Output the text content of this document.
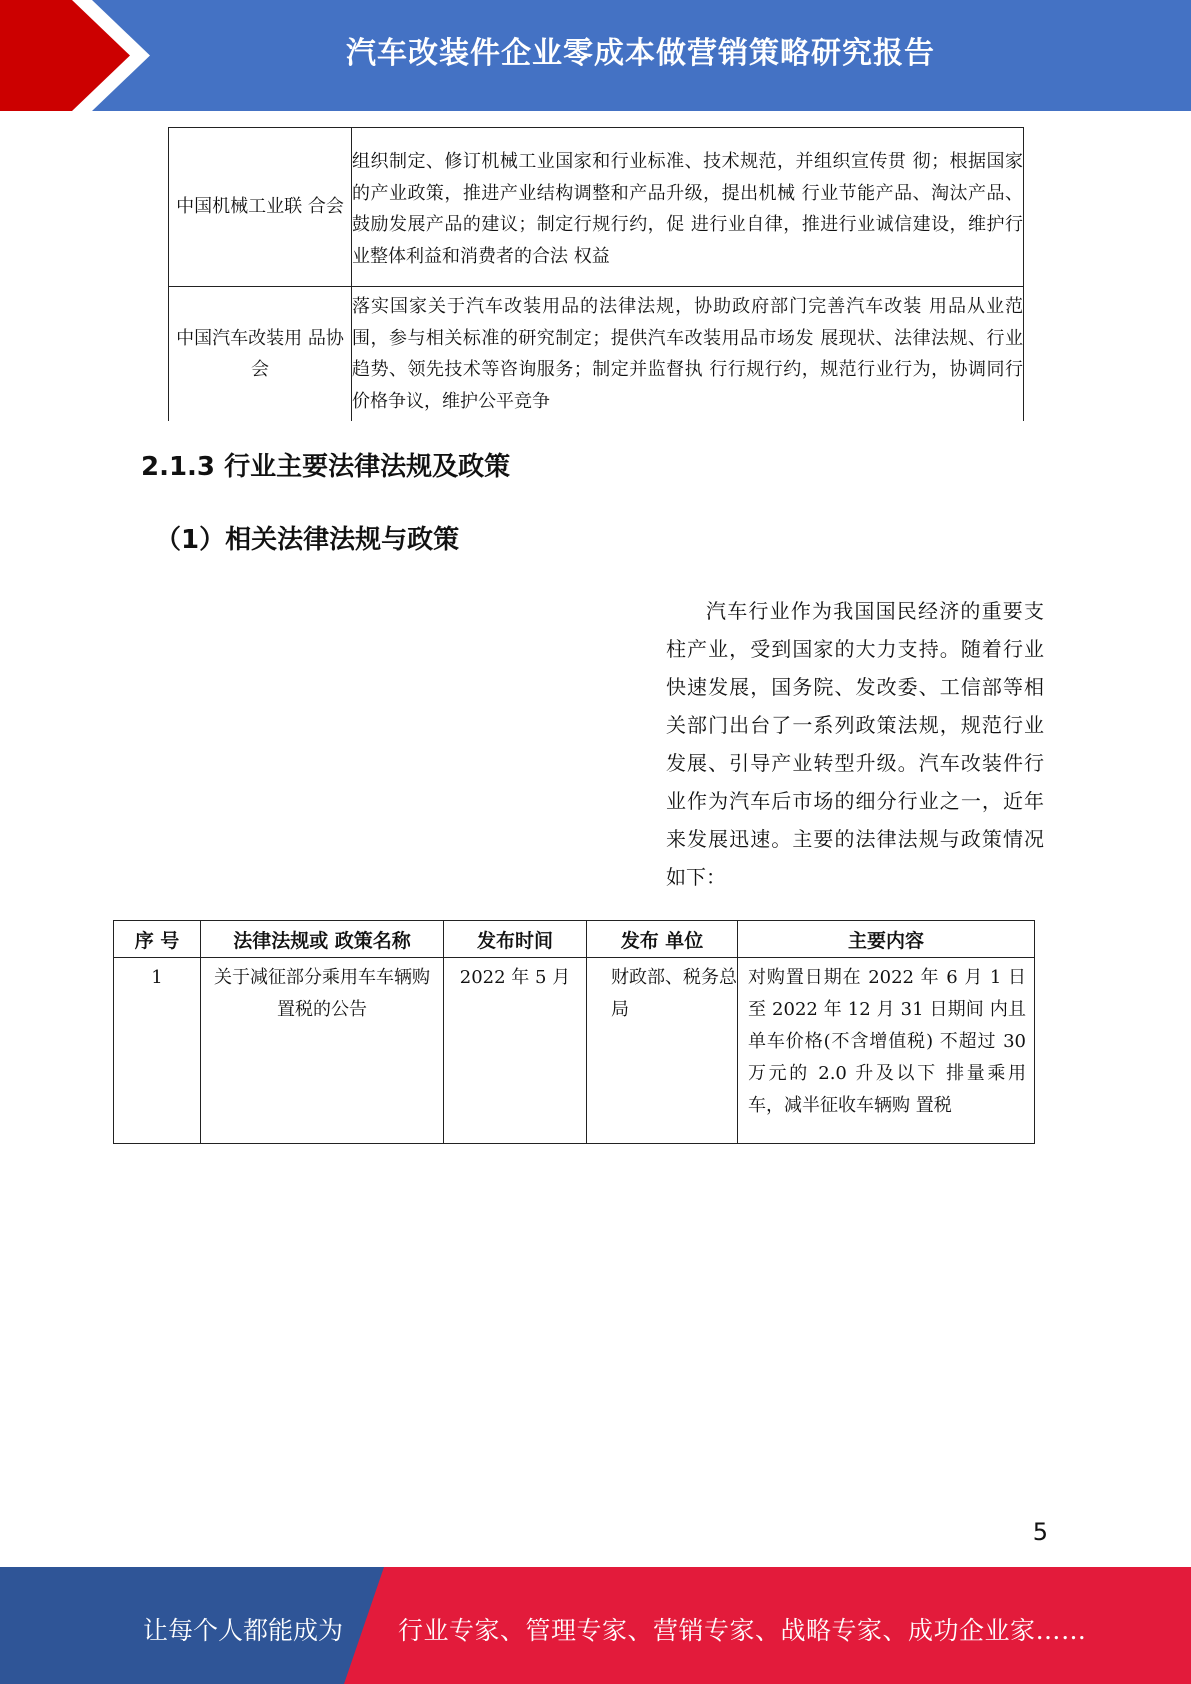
汽车改装件企业零成本做营销策略研究报告
中国机械工业联 合会	组织制定、修订机械工业国家和行业标准、技术规范，并组织宣传贯 彻；根据国家的产业政策，推进产业结构调整和产品升级，提出机械 行业节能产品、淘汰产品、鼓励发展产品的建议；制定行规行约，促 进行业自律，推进行业诚信建设，维护行业整体利益和消费者的合法 权益
中国汽车改装用 品协会	落实国家关于汽车改装用品的法律法规，协助政府部门完善汽车改装 用品从业范围，参与相关标准的研究制定；提供汽车改装用品市场发 展现状、法律法规、行业趋势、领先技术等咨询服务；制定并监督执 行行规行约，规范行业行为，协调同行价格争议，维护公平竞争
2.1.3 行业主要法律法规及政策
（1）相关法律法规与政策

汽车行业作为我国国民经济的重要支柱产业，受到国家的大力支持。随着行业快速发展，国务院、发改委、工信部等相关部门出台了一系列政策法规，规范行业发展、引导产业转型升级。汽车改装件行业作为汽车后市场的细分行业之一，近年来发展迅速。主要的法律法规与政策情况如下：

序 号	法律法规或 政策名称	发布时间	发布 单位	主要内容
1	关于减征部分乘用车车辆购置税的公告	2022 年 5 月	财政部、税务总局	对购置日期在 2022 年 6 月 1 日至 2022 年 12 月 31 日期间 内且单车价格(不含增值税) 不超过 30 万元的 2.0 升及以下 排量乘用车，减半征收车辆购 置税
5
让每个人都能成为 行业专家、管理专家、营销专家、战略专家、成功企业家……
